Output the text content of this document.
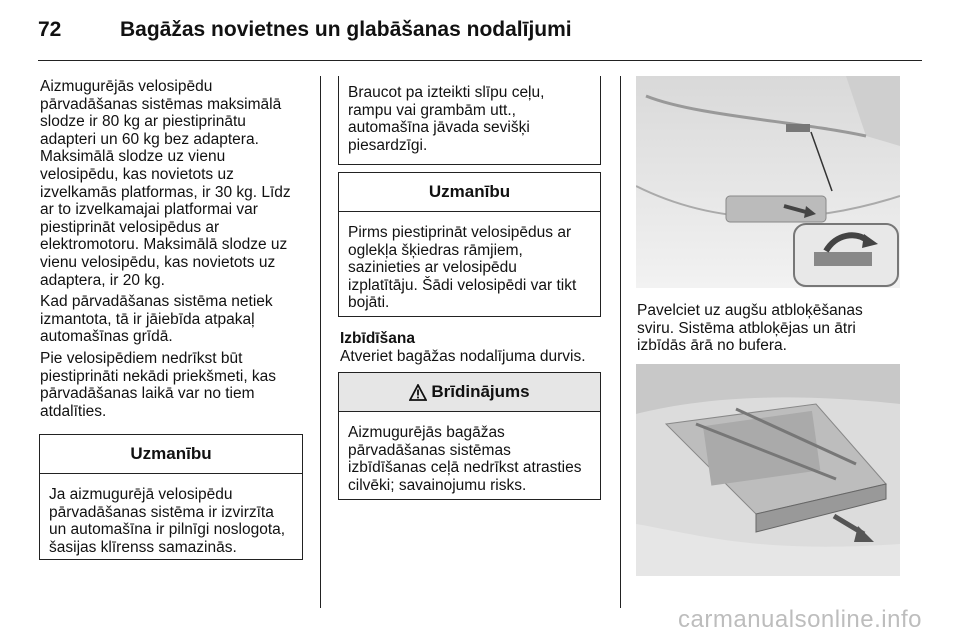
72	Bagāžas novietnes un glabāšanas nodalījumi

Aizmugurējās velosipēdu
pārvadāšanas sistēmas maksimālā
slodze ir 80 kg ar piestiprinātu
adapteri un 60 kg bez adaptera.
Maksimālā slodze uz vienu
velosipēdu, kas novietots uz
izvelkamās platformas, ir 30 kg. Līdz
ar to izvelkamajai platformai var
piestiprināt velosipēdus ar
elektromotoru. Maksimālā slodze uz
vienu velosipēdu, kas novietots uz
adaptera, ir 20 kg.

Kad pārvadāšanas sistēma netiek
izmantota, tā ir jāiebīda atpakaļ
automašīnas grīdā.

Pie velosipēdiem nedrīkst būt
piestiprināti nekādi priekšmeti, kas
pārvadāšanas laikā var no tiem
atdalīties.

Uzmanību
Ja aizmugurējā velosipēdu
pārvadāšanas sistēma ir izvirzīta
un automašīna ir pilnīgi noslogota,
šasijas klīrenss samazinās.
Braucot pa izteikti slīpu ceļu,
rampu vai grambām utt.,
automašīna jāvada sevišķi
piesardzīgi.
Uzmanību
Pirms piestiprināt velosipēdus ar
oglekļa šķiedras rāmjiem,
sazinieties ar velosipēdu
izplatītāju. Šādi velosipēdi var tikt
bojāti.
Izbīdīšana
Atveriet bagāžas nodalījuma durvis.
Brīdinājums
Aizmugurējās bagāžas
pārvadāšanas sistēmas
izbīdīšanas ceļā nedrīkst atrasties
cilvēki; savainojumu risks.

Pavelciet uz augšu atbloķēšanas
sviru. Sistēma atbloķējas un ātri
izbīdās ārā no bufera.

carmanualsonline.info
